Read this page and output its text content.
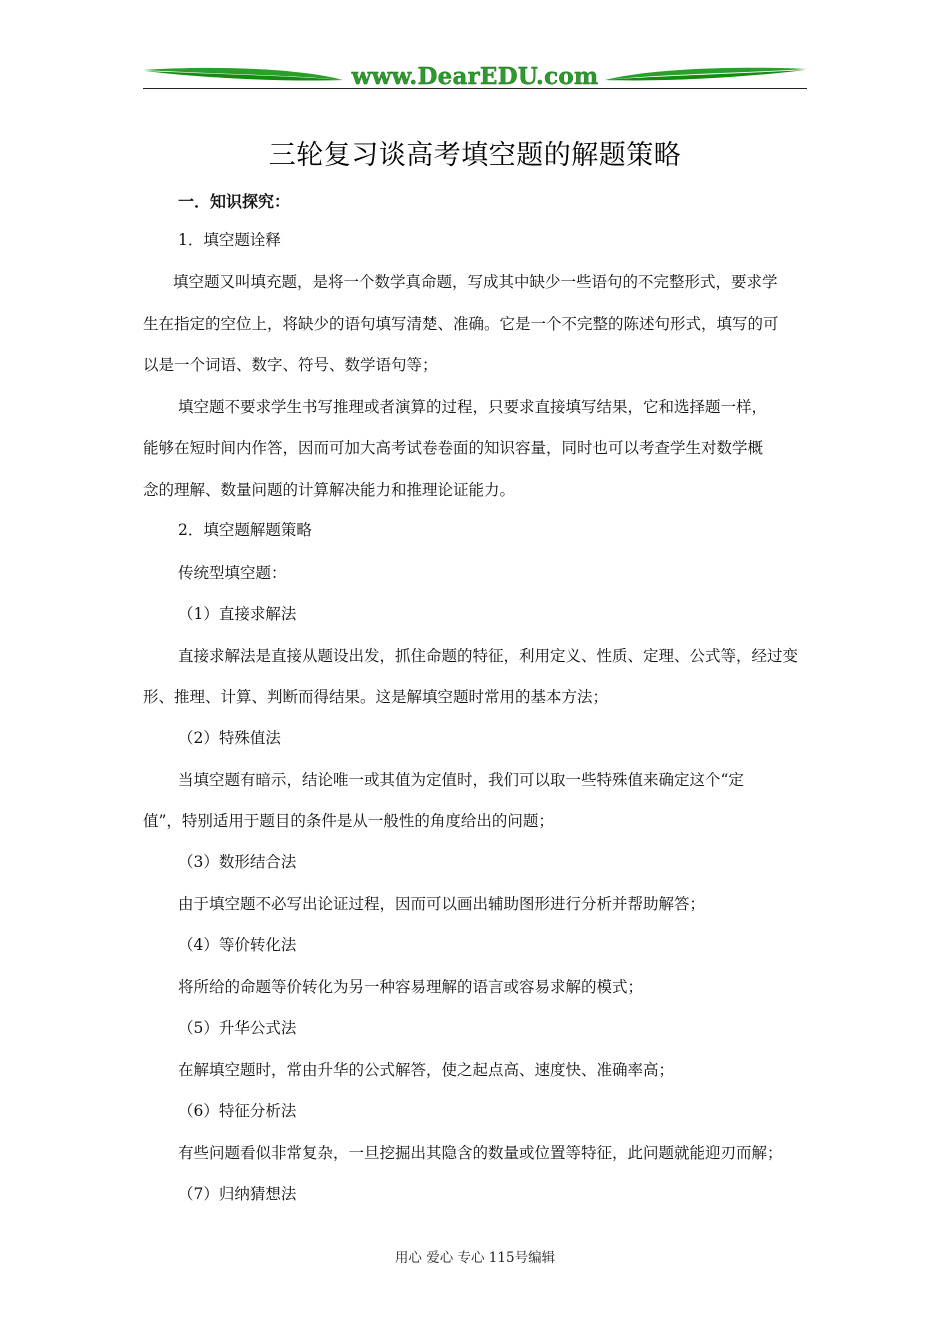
www.DearEDU.com
三轮复习谈高考填空题的解题策略
一．知识探究：
1．填空题诠释
填空题又叫填充题，是将一个数学真命题，写成其中缺少一些语句的不完整形式，要求学
生在指定的空位上，将缺少的语句填写清楚、准确。它是一个不完整的陈述句形式，填写的可
以是一个词语、数字、符号、数学语句等；
填空题不要求学生书写推理或者演算的过程，只要求直接填写结果，它和选择题一样，
能够在短时间内作答，因而可加大高考试卷卷面的知识容量，同时也可以考查学生对数学概
念的理解、数量问题的计算解决能力和推理论证能力。
2．填空题解题策略
传统型填空题：
（1）直接求解法
直接求解法是直接从题设出发，抓住命题的特征，利用定义、性质、定理、公式等，经过变
形、推理、计算、判断而得结果。这是解填空题时常用的基本方法；
（2）特殊值法
当填空题有暗示，结论唯一或其值为定值时，我们可以取一些特殊值来确定这个“定
值”，特别适用于题目的条件是从一般性的角度给出的问题；
（3）数形结合法
由于填空题不必写出论证过程，因而可以画出辅助图形进行分析并帮助解答；
（4）等价转化法
将所给的命题等价转化为另一种容易理解的语言或容易求解的模式；
（5）升华公式法
在解填空题时，常由升华的公式解答，使之起点高、速度快、准确率高；
（6）特征分析法
有些问题看似非常复杂，一旦挖掘出其隐含的数量或位置等特征，此问题就能迎刃而解；
（7）归纳猜想法
用心 爱心 专心 115号编辑
